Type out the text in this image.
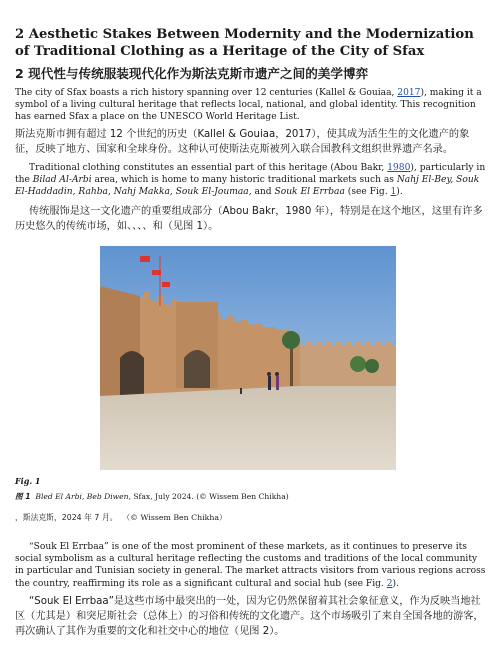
2 Aesthetic Stakes Between Modernity and the Modernization of Traditional Clothing as a Heritage of the City of Sfax
2 现代性与传统服装现代化作为斯法克斯市遗产之间的美学博弈

The city of Sfax boasts a rich history spanning over 12 centuries (Kallel & Gouiaa, 2017), making it a symbol of a living cultural heritage that reflects local, national, and global identity. This recognition has earned Sfax a place on the UNESCO World Heritage List.

斯法克斯市拥有超过 12 个世纪的历史（Kallel & Gouiaa，2017），使其成为活生生的文化遗产的象征，反映了地方、国家和全球身份。这种认可使斯法克斯被列入联合国教科文组织世界遗产名录。

Traditional clothing constitutes an essential part of this heritage (Abou Bakr, 1980), particularly in the Bilad Al-Arbi area, which is home to many historic traditional markets such as Nahj El-Bey, Souk El-Haddadin, Rahba, Nahj Makka, Souk El-Joumaa, and Souk El Errbaa (see Fig. 1).

传统服饰是这一文化遗产的重要组成部分（Abou Bakr，1980 年），特别是在这个地区，这里有许多历史悠久的传统市场，如、、、、和（见图 1）。

Fig. 1
图 1 Bled El Arbi, Beb Diwen, Sfax, July 2024. (© Wissem Ben Chikha)
，斯法克斯，2024 年 7 月。 （© Wissem Ben Chikha）

“Souk El Errbaa” is one of the most prominent of these markets, as it continues to preserve its social symbolism as a cultural heritage reflecting the customs and traditions of the local community in particular and Tunisian society in general. The market attracts visitors from various regions across the country, reaffirming its role as a significant cultural and social hub (see Fig. 2).

“Souk El Errbaa”是这些市场中最突出的一处，因为它仍然保留着其社会象征意义，作为反映当地社区（尤其是）和突尼斯社会（总体上）的习俗和传统的文化遗产。这个市场吸引了来自全国各地的游客，再次确认了其作为重要的文化和社交中心的地位（见图 2）。
